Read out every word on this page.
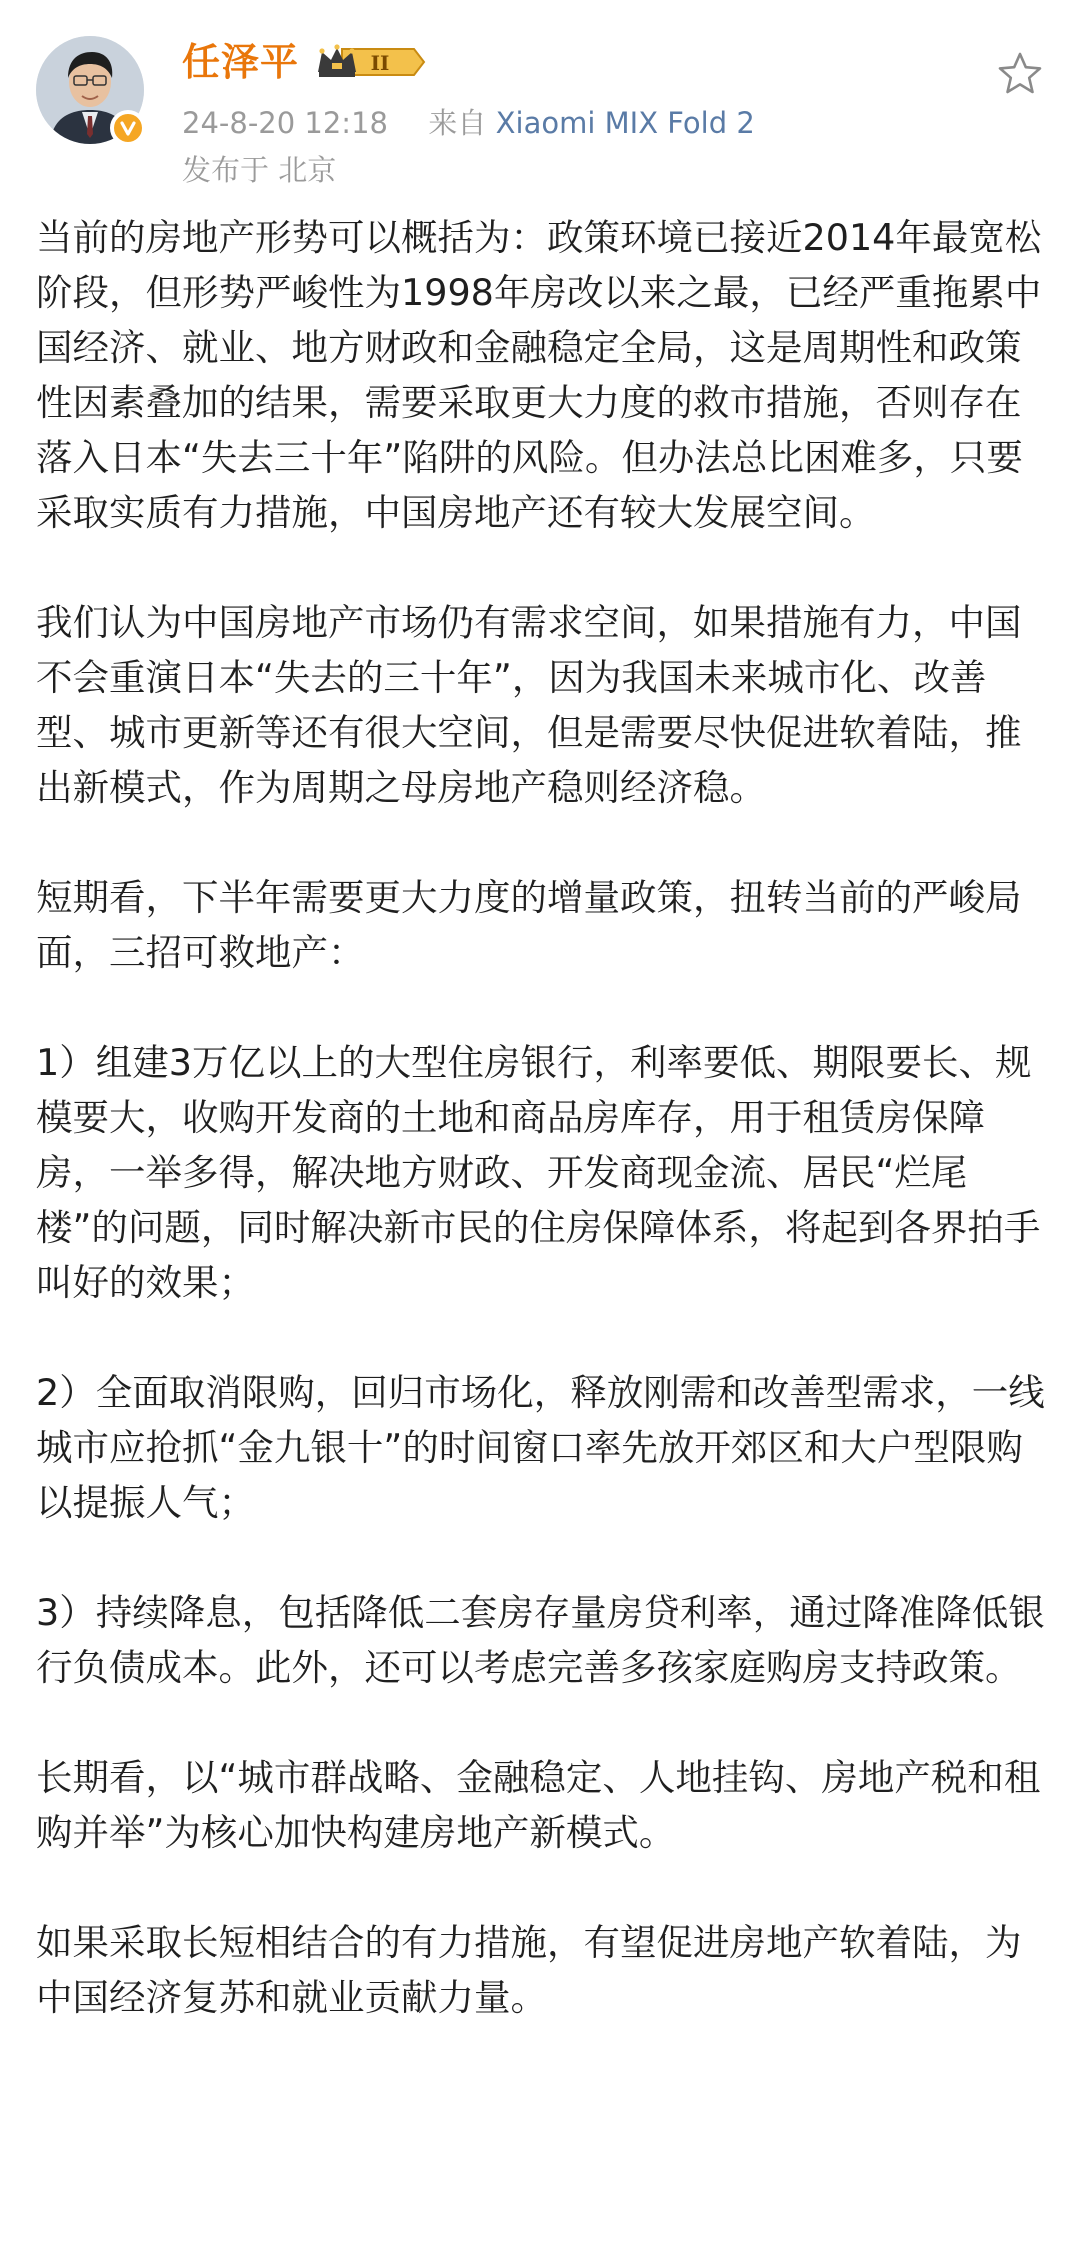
任泽平	II
24-8-20 12:18 来自 Xiaomi MIX Fold 2
发布于 北京

当前的房地产形势可以概括为：政策环境已接近2014年最宽松阶段，但形势严峻性为1998年房改以来之最，已经严重拖累中国经济、就业、地方财政和金融稳定全局，这是周期性和政策性因素叠加的结果，需要采取更大力度的救市措施，否则存在落入日本“失去三十年”陷阱的风险。但办法总比困难多，只要采取实质有力措施，中国房地产还有较大发展空间。

我们认为中国房地产市场仍有需求空间，如果措施有力，中国不会重演日本“失去的三十年”，因为我国未来城市化、改善型、城市更新等还有很大空间，但是需要尽快促进软着陆，推出新模式，作为周期之母房地产稳则经济稳。

短期看，下半年需要更大力度的增量政策，扭转当前的严峻局面，三招可救地产：

1）组建3万亿以上的大型住房银行，利率要低、期限要长、规模要大，收购开发商的土地和商品房库存，用于租赁房保障房，一举多得，解决地方财政、开发商现金流、居民“烂尾楼”的问题，同时解决新市民的住房保障体系，将起到各界拍手叫好的效果；

2）全面取消限购，回归市场化，释放刚需和改善型需求，一线城市应抢抓“金九银十”的时间窗口率先放开郊区和大户型限购以提振人气；

3）持续降息，包括降低二套房存量房贷利率，通过降准降低银行负债成本。此外，还可以考虑完善多孩家庭购房支持政策。

长期看，以“城市群战略、金融稳定、人地挂钩、房地产税和租购并举”为核心加快构建房地产新模式。

如果采取长短相结合的有力措施，有望促进房地产软着陆，为中国经济复苏和就业贡献力量。
